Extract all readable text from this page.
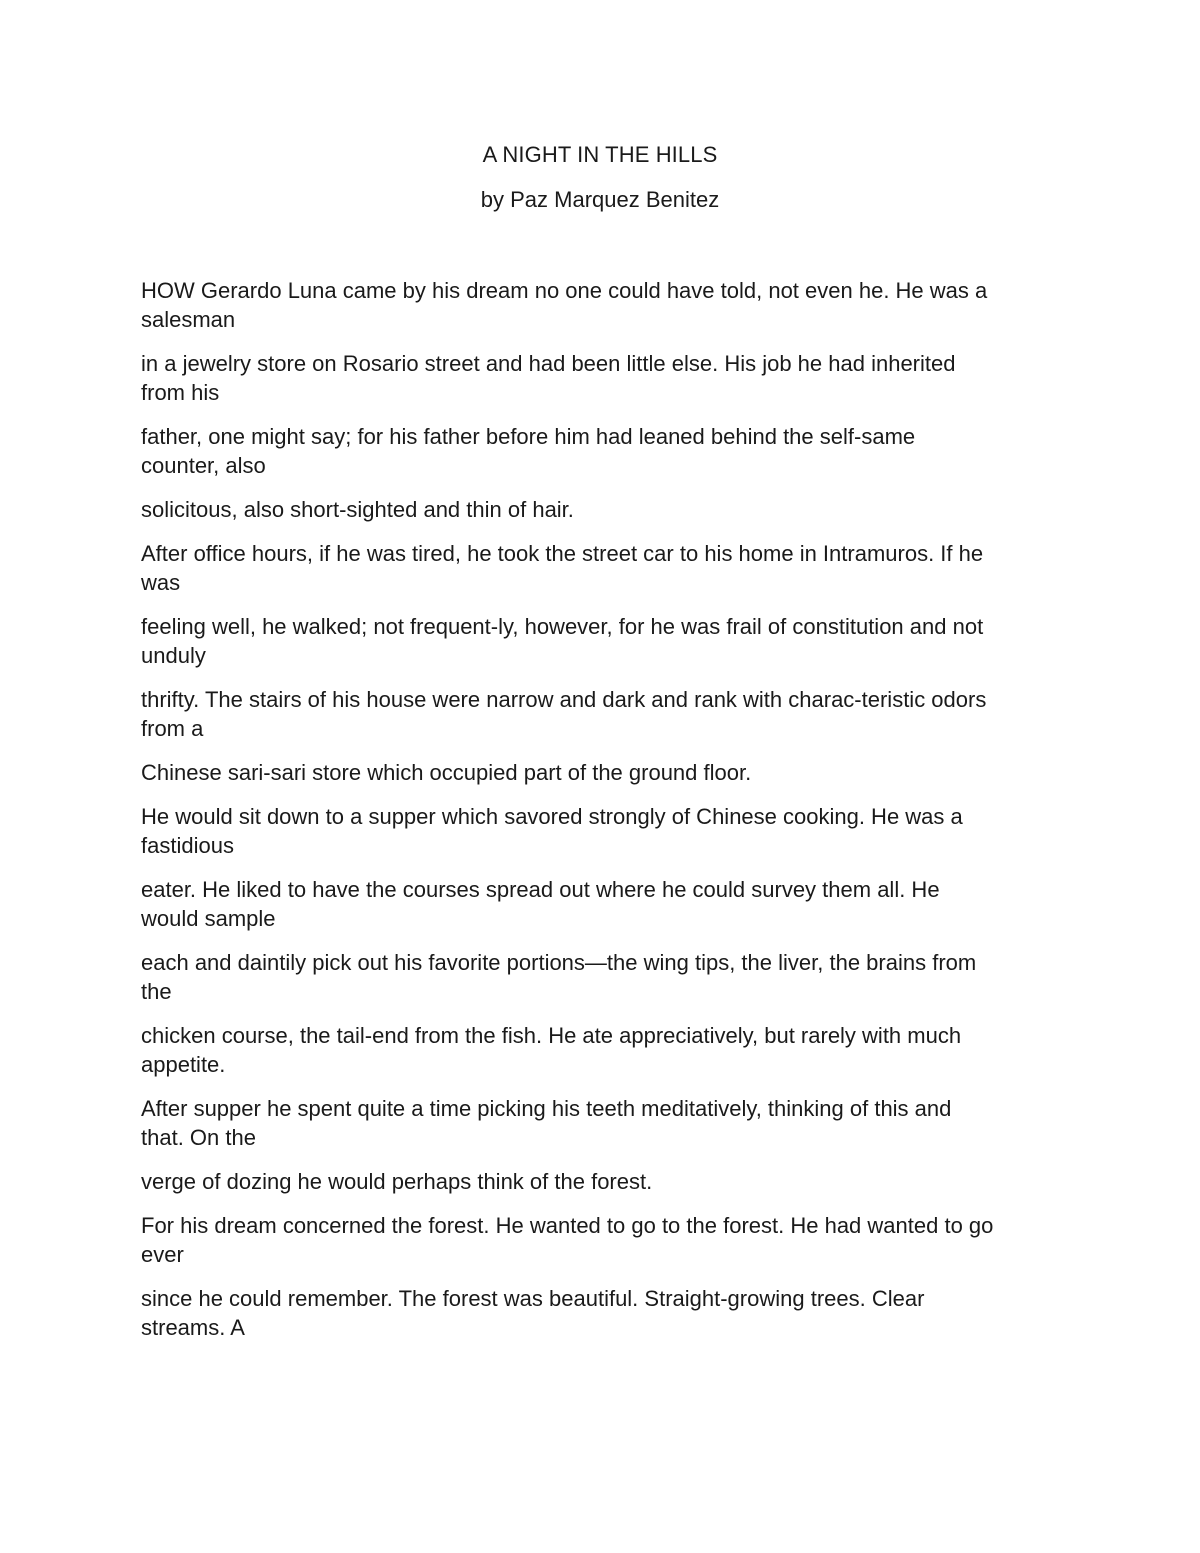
A NIGHT IN THE HILLS

by Paz Marquez Benitez

HOW Gerardo Luna came by his dream no one could have told, not even he. He was a
salesman

in a jewelry store on Rosario street and had been little else. His job he had inherited
from his

father, one might say; for his father before him had leaned behind the self-same
counter, also

solicitous, also short-sighted and thin of hair.

After office hours, if he was tired, he took the street car to his home in Intramuros. If he
was

feeling well, he walked; not frequent-ly, however, for he was frail of constitution and not
unduly

thrifty. The stairs of his house were narrow and dark and rank with charac-teristic odors
from a

Chinese sari-sari store which occupied part of the ground floor.

He would sit down to a supper which savored strongly of Chinese cooking. He was a
fastidious

eater. He liked to have the courses spread out where he could survey them all. He
would sample

each and daintily pick out his favorite portions—the wing tips, the liver, the brains from
the

chicken course, the tail-end from the fish. He ate appreciatively, but rarely with much
appetite.

After supper he spent quite a time picking his teeth meditatively, thinking of this and
that. On the

verge of dozing he would perhaps think of the forest.

For his dream concerned the forest. He wanted to go to the forest. He had wanted to go
ever

since he could remember. The forest was beautiful. Straight-growing trees. Clear
streams. A
